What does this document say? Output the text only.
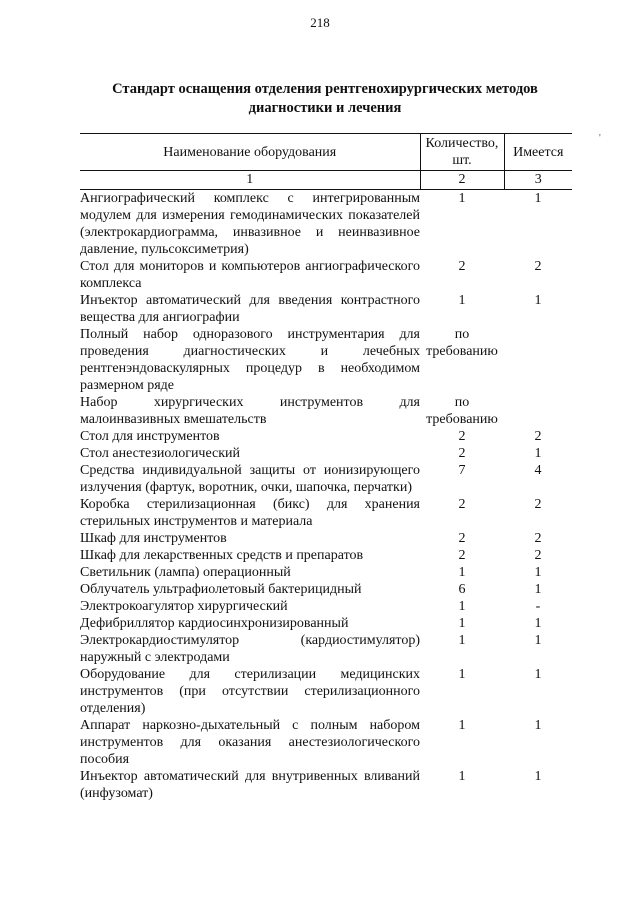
218
'
Стандарт оснащения отделения рентгенохирургических методов диагностики и лечения
Наименование оборудования	Количество, шт.	Имеется
1	2	3
Ангиографический комплекс с интегрированным модулем для измерения гемодинамических показателей (электрокардиограмма, инвазивное и неинвазивное давление, пульсоксиметрия)	1	1
Стол для мониторов и компьютеров ангиографического комплекса	2	2
Инъектор автоматический для введения контрастного вещества для ангиографии	1	1
Полный набор одноразового инструментария для проведения диагностических и лечебных рентгенэндоваскулярных процедур в необходимом размерном ряде	по требованию	
Набор хирургических инструментов для малоинвазивных вмешательств	по требованию	
Стол для инструментов	2	2
Стол анестезиологический	2	1
Средства индивидуальной защиты от ионизирующего излучения (фартук, воротник, очки, шапочка, перчатки)	7	4
Коробка стерилизационная (бикс) для хранения стерильных инструментов и материала	2	2
Шкаф для инструментов	2	2
Шкаф для лекарственных средств и препаратов	2	2
Светильник (лампа) операционный	1	1
Облучатель ультрафиолетовый бактерицидный	6	1
Электрокоагулятор хирургический	1	-
Дефибриллятор кардиосинхронизированный	1	1
Электрокардиостимулятор (кардиостимулятор) наружный с электродами	1	1
Оборудование для стерилизации медицинских инструментов (при отсутствии стерилизационного отделения)	1	1
Аппарат наркозно-дыхательный с полным набором инструментов для оказания анестезиологического пособия	1	1
Инъектор автоматический для внутривенных вливаний (инфузомат)	1	1
